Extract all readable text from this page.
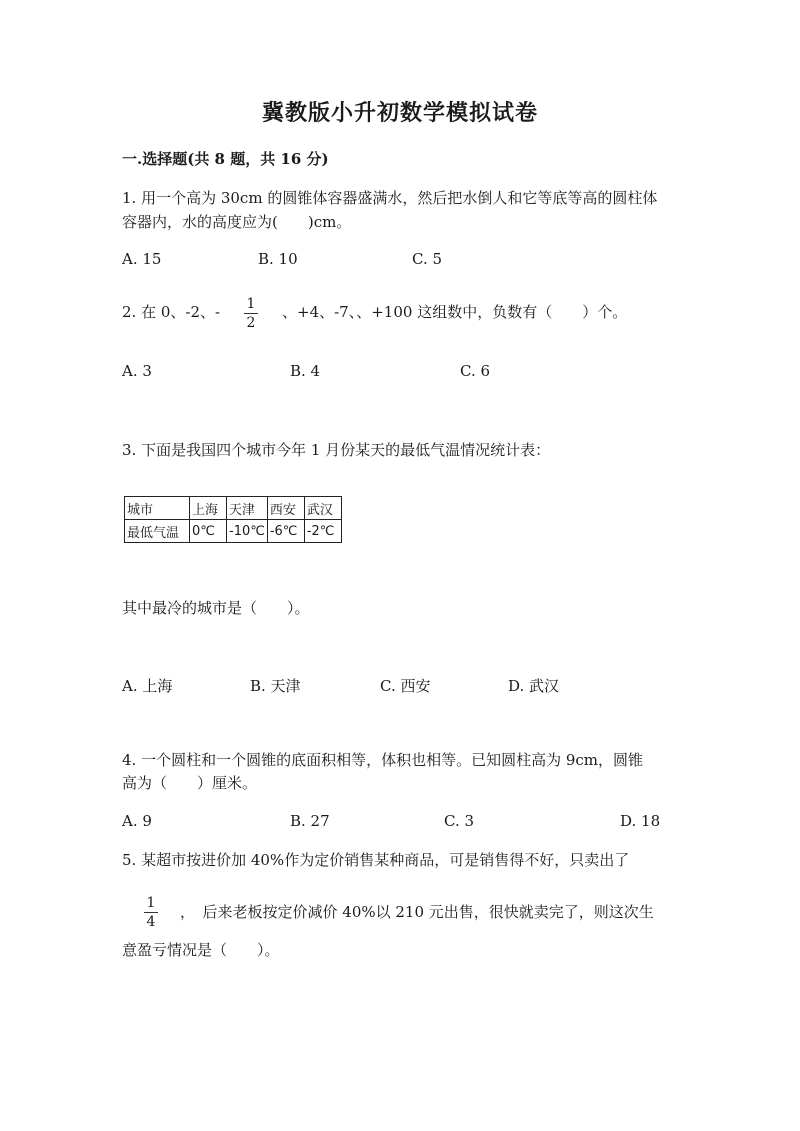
冀教版小升初数学模拟试卷
一.选择题(共 8 题，共 16 分)
1. 用一个高为 30cm 的圆锥体容器盛满水，然后把水倒人和它等底等高的圆柱体
容器内，水的高度应为(　　)cm。
A. 15	B. 10	C. 5
2. 在 0、-2、- 1
2
、+4、-7、、+100 这组数中，负数有（　　）个。
A. 3	B. 4	C. 6
3. 下面是我国四个城市今年 1 月份某天的最低气温情况统计表：
城市	上海	天津	西安	武汉
最低气温	0℃	-10℃	-6℃	-2℃
其中最冷的城市是（　　）。
A. 上海	B. 天津	C. 西安	D. 武汉
4. 一个圆柱和一个圆锥的底面积相等，体积也相等。已知圆柱高为 9cm，圆锥
高为（　　）厘米。
A. 9	B. 27	C. 3	D. 18
5. 某超市按进价加 40%作为定价销售某种商品，可是销售得不好，只卖出了
1
4
，　后来老板按定价减价 40%以 210 元出售，很快就卖完了，则这次生
意盈亏情况是（　　）。
